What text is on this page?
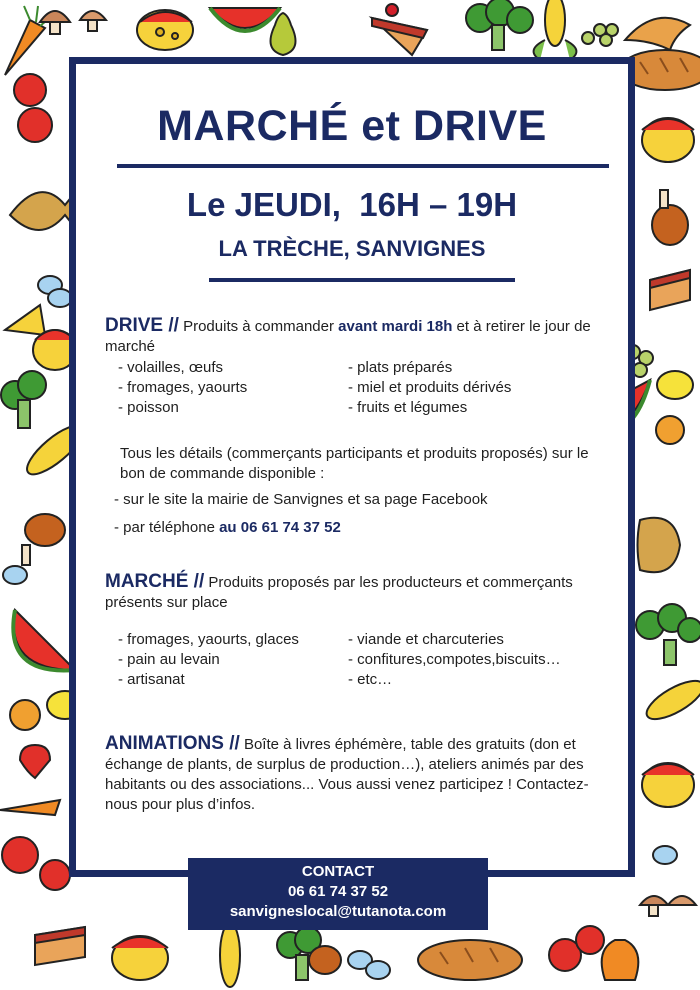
MARCHÉ et DRIVE
Le JEUDI,  16H – 19H
LA TRÈCHE, SANVIGNES
DRIVE // Produits à commander avant mardi 18h et à retirer le jour de marché
- volailles, œufs
- fromages, yaourts
- poisson
- plats préparés
- miel et produits dérivés
- fruits et légumes
Tous les détails (commerçants participants et produits proposés) sur le bon de commande disponible :
- sur le site la mairie de Sanvignes et sa page Facebook
- par téléphone au 06 61 74 37 52
MARCHÉ // Produits proposés par les producteurs et commerçants présents sur place
- fromages, yaourts, glaces
- pain au levain
- artisanat
- viande et charcuteries
- confitures,compotes,biscuits…
- etc…
ANIMATIONS // Boîte à livres éphémère, table des gratuits (don et échange de plants, de surplus de production…), ateliers animés par des habitants ou des associations... Vous aussi venez participez ! Contactez-nous pour plus d’infos.
CONTACT
06 61 74 37 52
sanvigneslocal@tutanota.com
